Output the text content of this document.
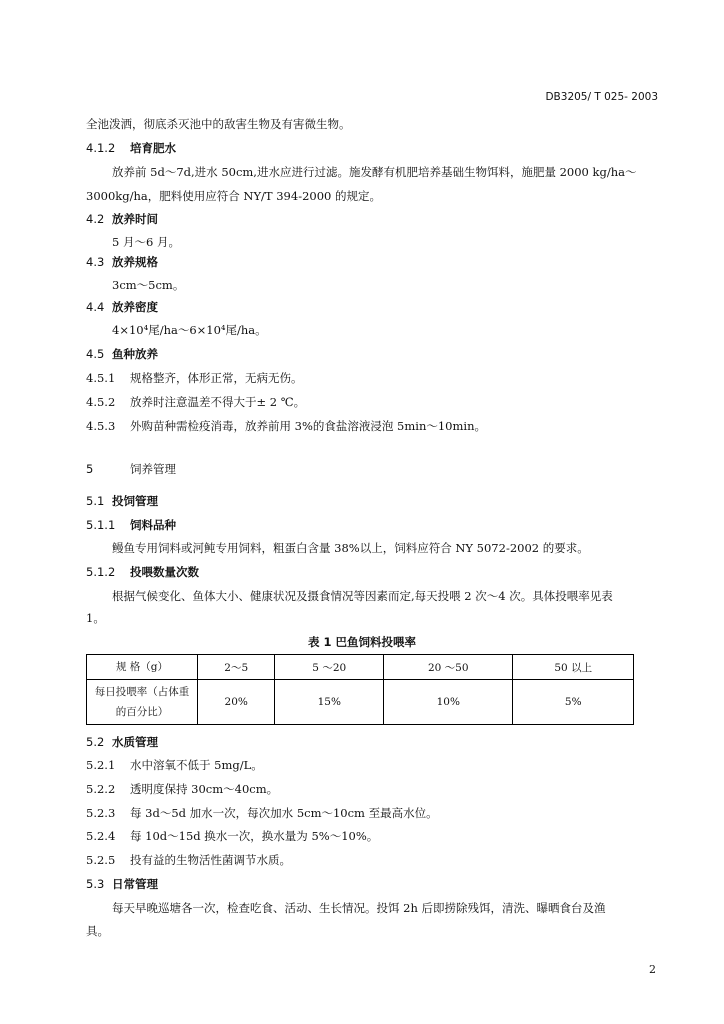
DB3205/ T 025- 2003
全池泼洒，彻底杀灭池中的敌害生物及有害微生物。
4.1.2 培育肥水
放养前 5d～7d,进水 50cm,进水应进行过滤。施发酵有机肥培养基础生物饵料，施肥量 2000 kg/ha～
3000kg/ha，肥料使用应符合 NY/T 394-2000 的规定。
4.2 放养时间
5 月～6 月。
4.3 放养规格
3cm～5cm。
4.4 放养密度
4×10⁴尾/ha～6×10⁴尾/ha。
4.5 鱼种放养
4.5.1 规格整齐，体形正常，无病无伤。
4.5.2 放养时注意温差不得大于± 2 ℃。
4.5.3 外购苗种需检疫消毒，放养前用 3%的食盐溶液浸泡 5min～10min。
5	饲养管理
5.1 投饲管理
5.1.1 饲料品种
鳗鱼专用饲料或河鲀专用饲料，粗蛋白含量 38%以上，饲料应符合 NY 5072-2002 的要求。
5.1.2 投喂数量次数
根据气候变化、鱼体大小、健康状况及摄食情况等因素而定,每天投喂 2 次～4 次。具体投喂率见表
1。
表 1 巴鱼饲料投喂率
规 格（g）	2～5	5 ～20	20 ～50	50 以上
每日投喂率（占体重
的百分比）	20%	15%	10%	5%
5.2 水质管理
5.2.1 水中溶氧不低于 5mg/L。
5.2.2 透明度保持 30cm～40cm。
5.2.3 每 3d～5d 加水一次，每次加水 5cm～10cm 至最高水位。
5.2.4 每 10d～15d 换水一次，换水量为 5%～10%。
5.2.5 投有益的生物活性菌调节水质。
5.3 日常管理
每天早晚巡塘各一次，检查吃食、活动、生长情况。投饵 2h 后即捞除残饵，清洗、曝晒食台及渔
具。
2
